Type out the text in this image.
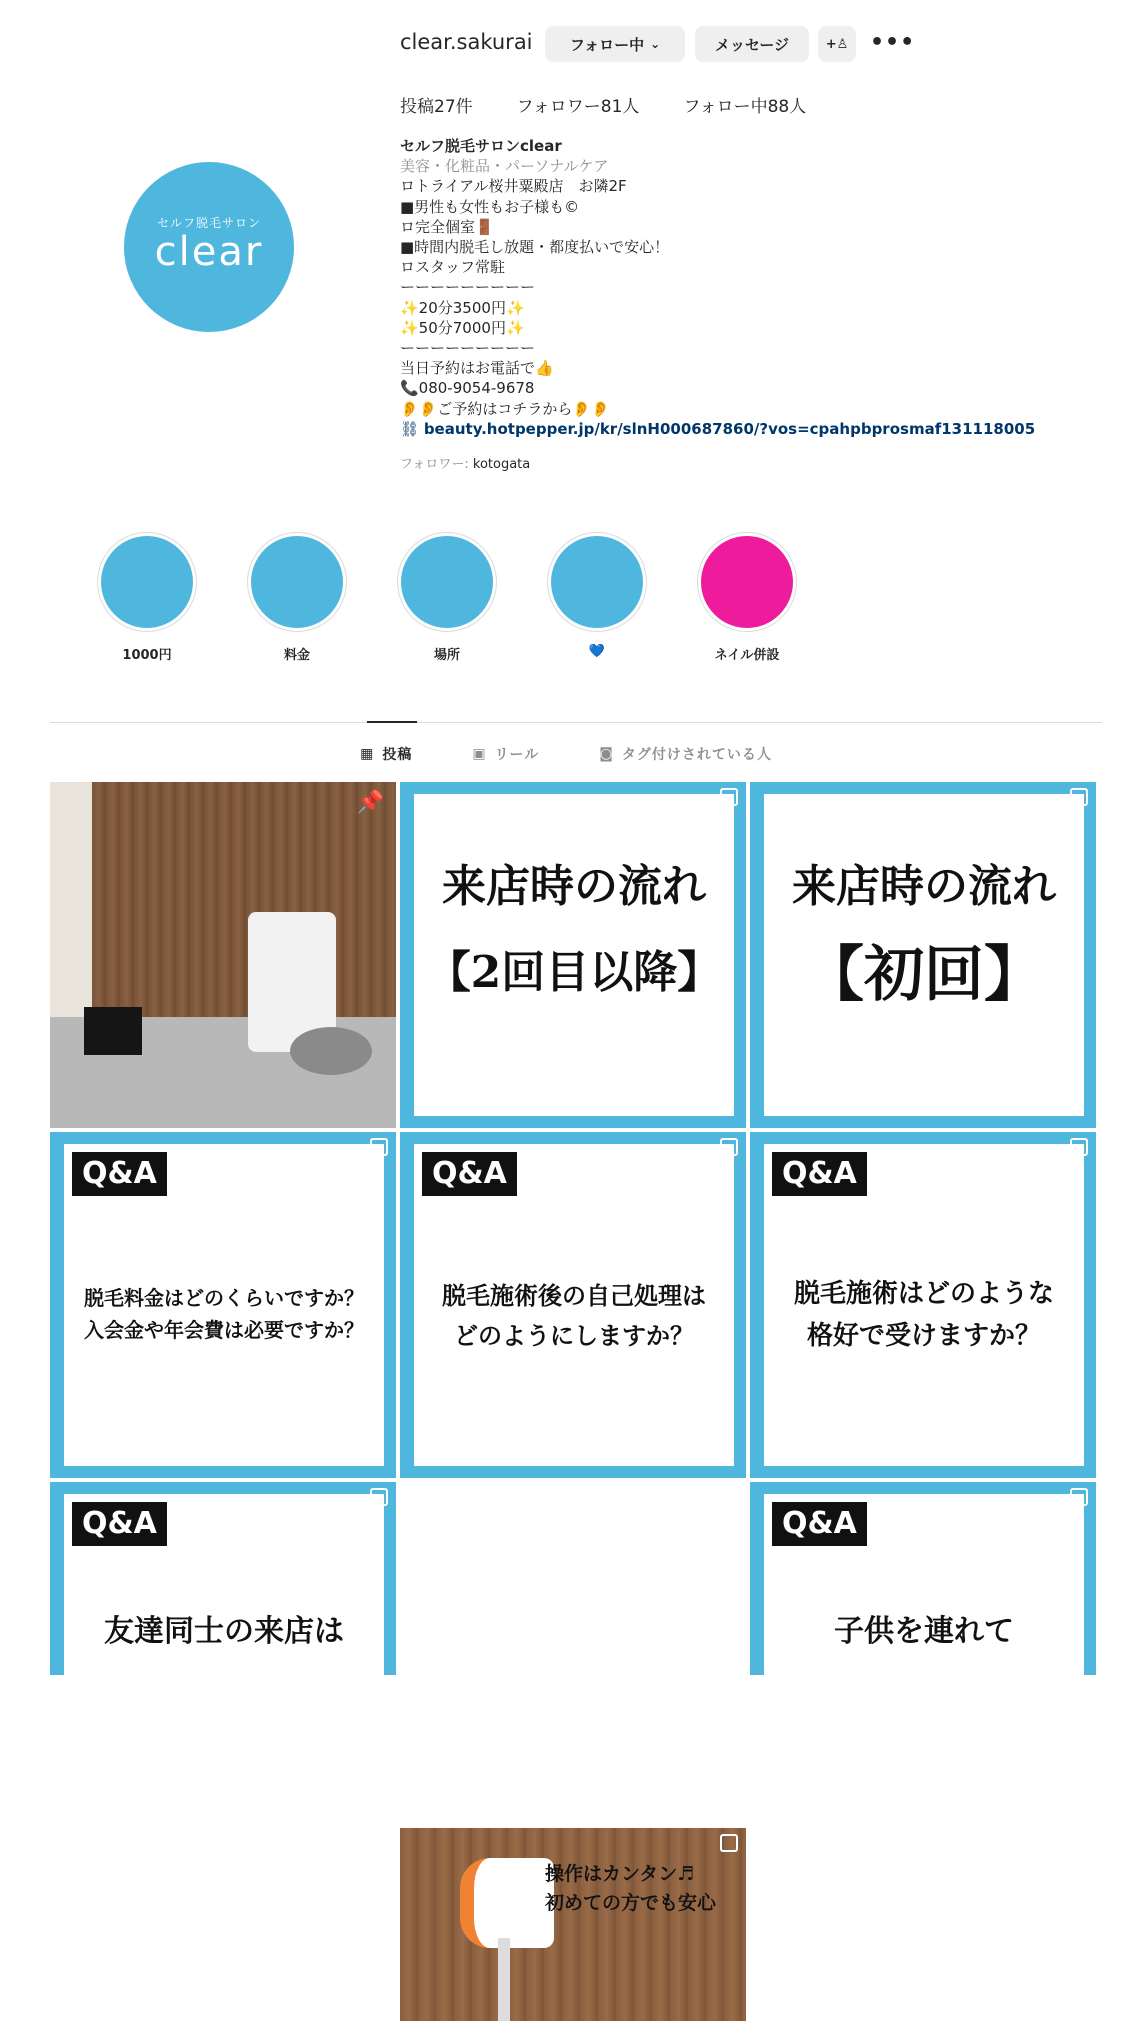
clear.sakurai フォロー中 ⌄	メッセージ	+♙ •••
投稿27件	フォロワー81人	フォロー中88人
セルフ脱毛サロン
clear
セルフ脱毛サロンclear
美容・化粧品・パーソナルケア
ロトライアル桜井粟殿店　お隣2F
■男性も女性もお子様も©
ロ完全個室🚪
■時間内脱毛し放題・都度払いで安心！
ロスタッフ常駐
ーーーーーーーーー
✨20分3500円✨
✨50分7000円✨
ーーーーーーーーー
当日予約はお電話で👍
📞080-9054-9678
👂👂ご予約はコチラから👂👂
⛓ beauty.hotpepper.jp/kr/slnH000687860/?vos=cpahpbprosmaf131118005
フォロワー: kotogata
1000円	料金	場所	💙	ネイル併設
▦ 投稿	▣ リール	◙ タグ付けされている人
📌
来店時の流れ
【2回目以降】
来店時の流れ
【初回】
Q&A
脱毛料金はどのくらいですか？
入会金や年会費は必要ですか？
Q&A
脱毛施術後の自己処理は
どのようにしますか？
Q&A
脱毛施術はどのような
格好で受けますか？
Q&A
友達同士の来店は
操作はカンタン♬
初めての方でも安心
Q&A
子供を連れて
